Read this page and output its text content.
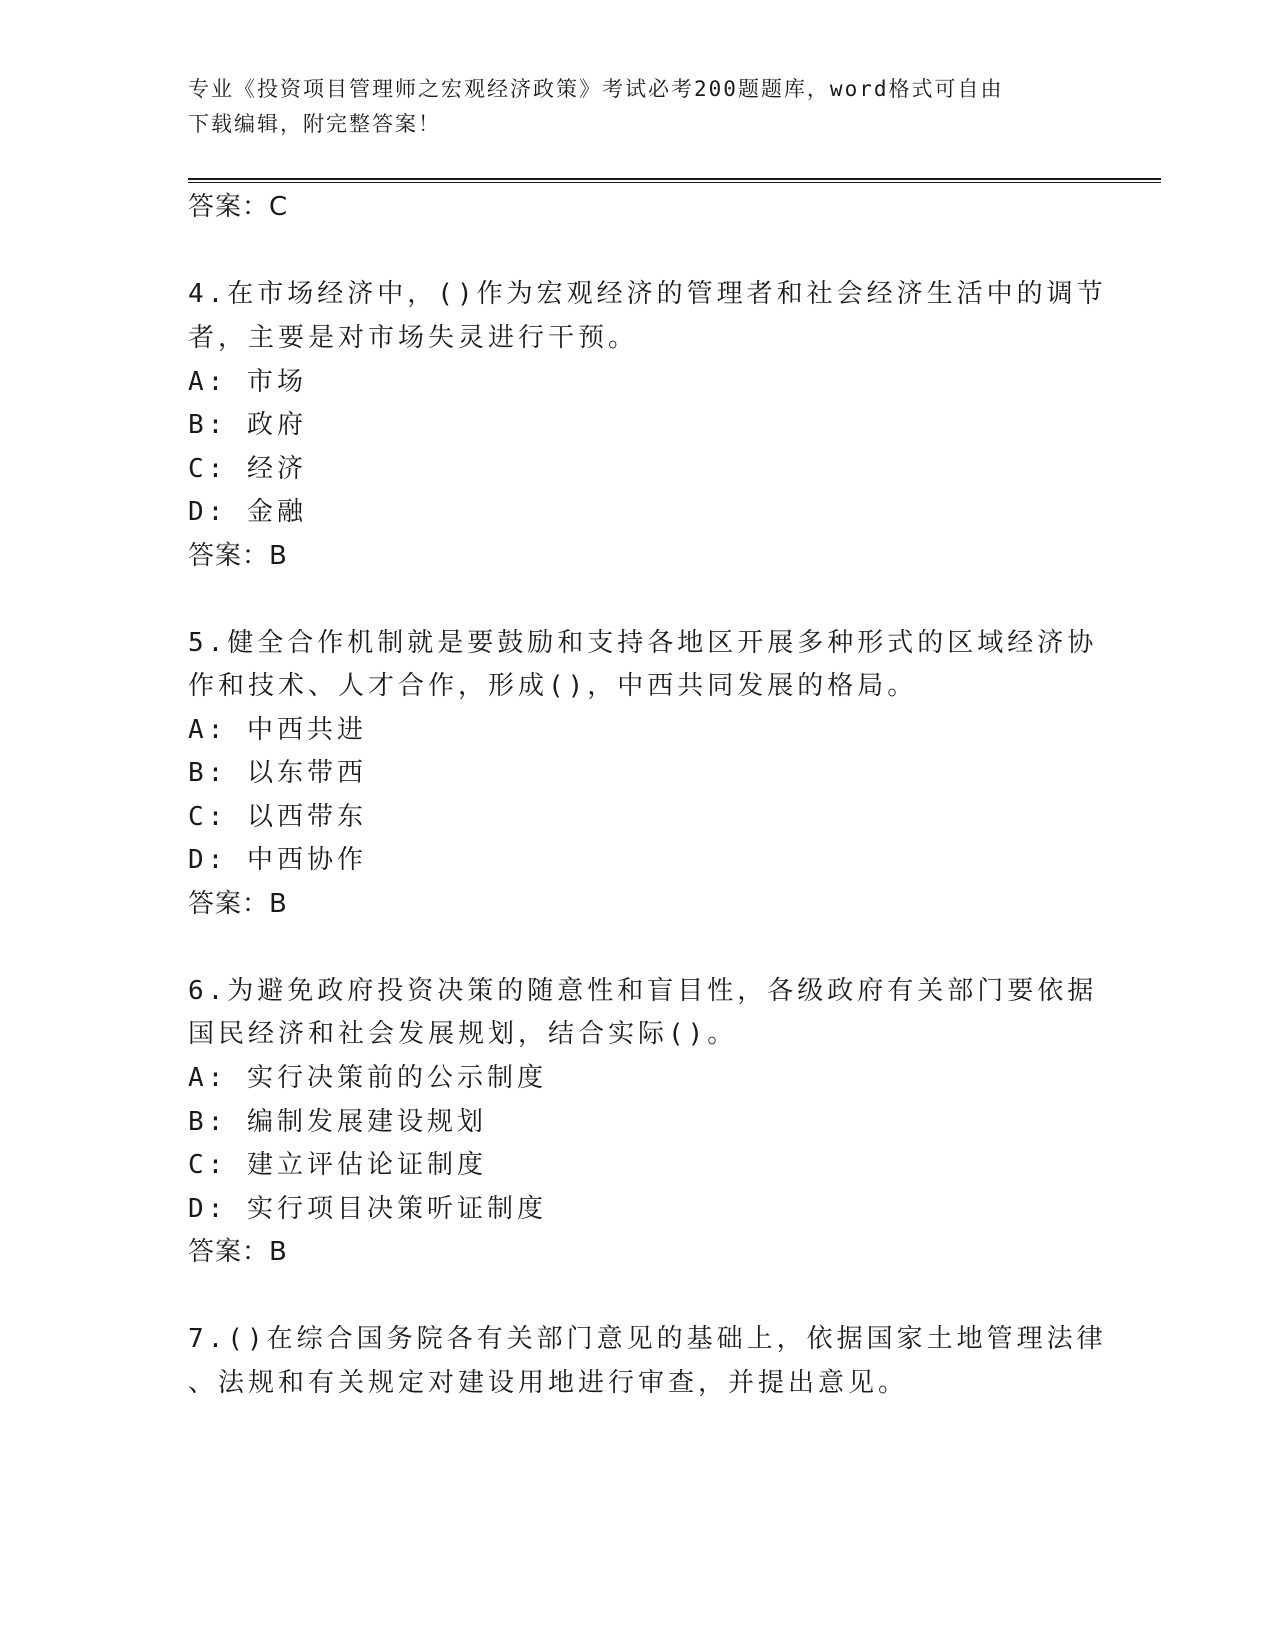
专业《投资项目管理师之宏观经济政策》考试必考200题题库，word格式可自由
下载编辑，附完整答案！
答案：C
4.在市场经济中，()作为宏观经济的管理者和社会经济生活中的调节
者，主要是对市场失灵进行干预。
A: 市场
B: 政府
C: 经济
D: 金融
答案：B
5.健全合作机制就是要鼓励和支持各地区开展多种形式的区域经济协
作和技术、人才合作，形成()，中西共同发展的格局。
A: 中西共进
B: 以东带西
C: 以西带东
D: 中西协作
答案：B
6.为避免政府投资决策的随意性和盲目性，各级政府有关部门要依据
国民经济和社会发展规划，结合实际()。
A: 实行决策前的公示制度
B: 编制发展建设规划
C: 建立评估论证制度
D: 实行项目决策听证制度
答案：B
7.()在综合国务院各有关部门意见的基础上，依据国家土地管理法律
、法规和有关规定对建设用地进行审查，并提出意见。
